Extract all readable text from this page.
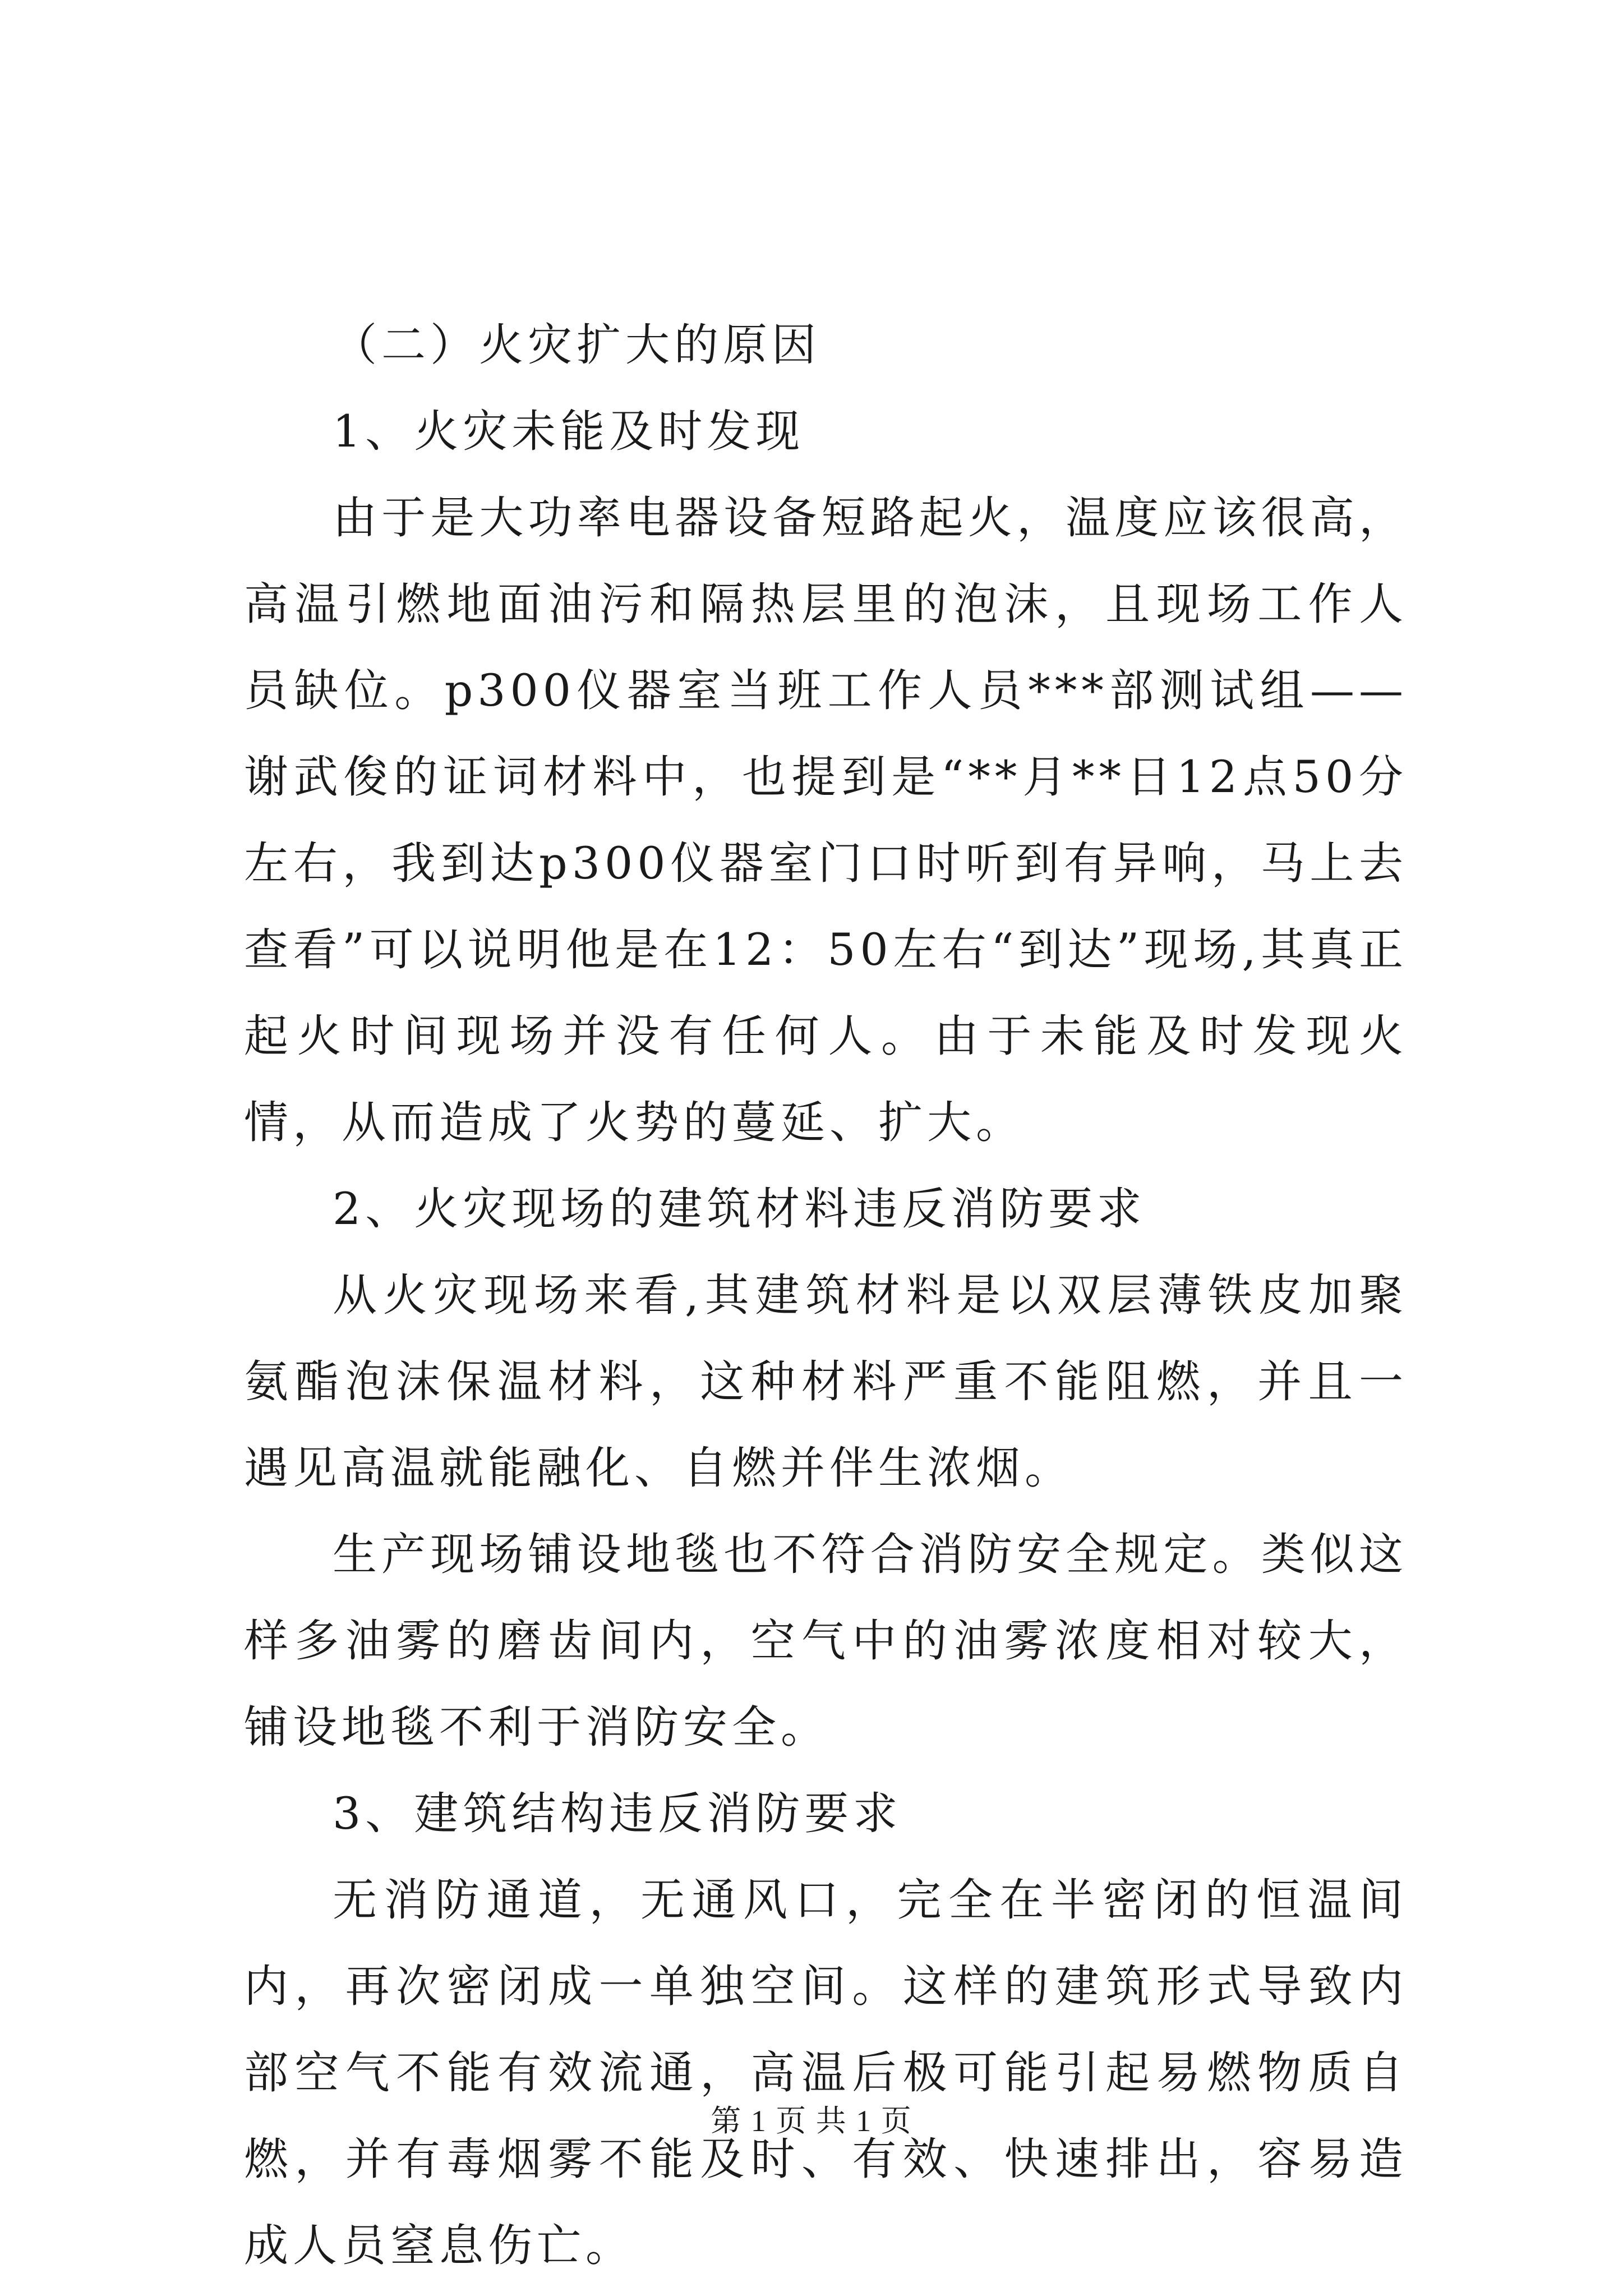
（二）火灾扩大的原因

1、火灾未能及时发现

由于是大功率电器设备短路起火，温度应该很高，高温引燃地面油污和隔热层里的泡沫，且现场工作人员缺位。p300仪器室当班工作人员***部测试组——谢武俊的证词材料中，也提到是“**月**日12点50分左右，我到达p300仪器室门口时听到有异响，马上去查看”可以说明他是在12：50左右“到达”现场,其真正起火时间现场并没有任何人。由于未能及时发现火情，从而造成了火势的蔓延、扩大。

2、火灾现场的建筑材料违反消防要求

从火灾现场来看,其建筑材料是以双层薄铁皮加聚氨酯泡沫保温材料，这种材料严重不能阻燃，并且一遇见高温就能融化、自燃并伴生浓烟。

生产现场铺设地毯也不符合消防安全规定。类似这样多油雾的磨齿间内，空气中的油雾浓度相对较大，铺设地毯不利于消防安全。

3、建筑结构违反消防要求

无消防通道，无通风口，完全在半密闭的恒温间内，再次密闭成一单独空间。这样的建筑形式导致内部空气不能有效流通，高温后极可能引起易燃物质自燃，并有毒烟雾不能及时、有效、快速排出，容易造成人员窒息伤亡。

第 1 页 共 1 页
